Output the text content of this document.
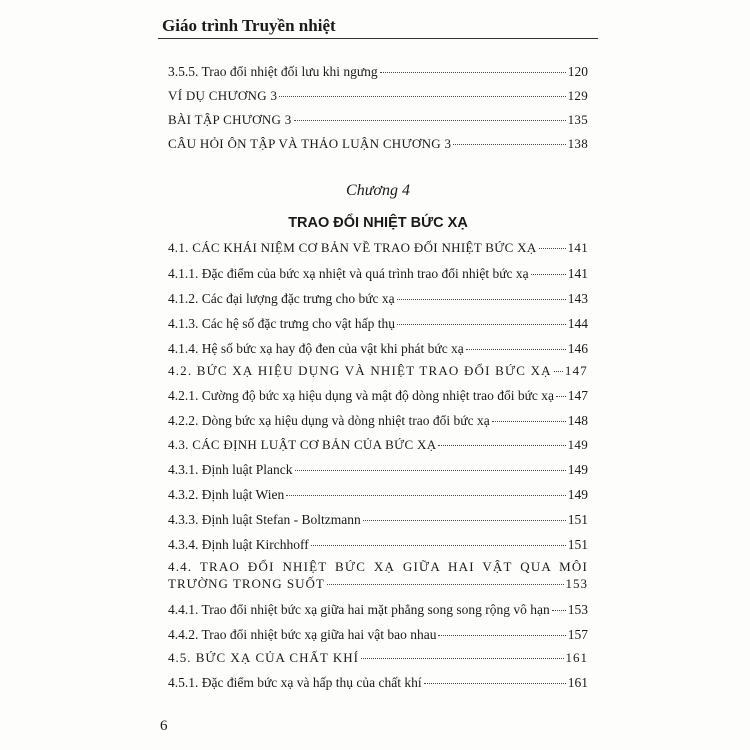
Giáo trình Truyền nhiệt
3.5.5. Trao đổi nhiệt đối lưu khi ngưng	120
VÍ DỤ CHƯƠNG 3	129
BÀI TẬP CHƯƠNG 3	135
CÂU HỎI ÔN TẬP VÀ THẢO LUẬN CHƯƠNG 3	138
Chương 4
TRAO ĐỔI NHIỆT BỨC XẠ
4.1. CÁC KHÁI NIỆM CƠ BẢN VỀ TRAO ĐỔI NHIỆT BỨC XẠ 141
4.1.1. Đặc điểm của bức xạ nhiệt và quá trình trao đổi nhiệt bức xạ	141
4.1.2. Các đại lượng đặc trưng cho bức xạ	143
4.1.3. Các hệ số đặc trưng cho vật hấp thụ	144
4.1.4. Hệ số bức xạ hay độ đen của vật khi phát bức xạ	146
4.2. BỨC XẠ HIỆU DỤNG VÀ NHIỆT TRAO ĐỔI BỨC XẠ 147
4.2.1. Cường độ bức xạ hiệu dụng và mật độ dòng nhiệt trao đổi bức xạ 147
4.2.2. Dòng bức xạ hiệu dụng và dòng nhiệt trao đổi bức xạ	148
4.3. CÁC ĐỊNH LUẬT CƠ BẢN CỦA BỨC XẠ	149
4.3.1. Định luật Planck	149
4.3.2. Định luật Wien	149
4.3.3. Định luật Stefan - Boltzmann	151
4.3.4. Định luật Kirchhoff	151
4.4. TRAO ĐỔI NHIỆT BỨC XẠ GIỮA HAI VẬT QUA MÔI
TRƯỜNG TRONG SUỐT	153
4.4.1. Trao đổi nhiệt bức xạ giữa hai mặt phẳng song song rộng vô hạn 153
4.4.2. Trao đổi nhiệt bức xạ giữa hai vật bao nhau	157
4.5. BỨC XẠ CỦA CHẤT KHÍ	161
4.5.1. Đặc điểm bức xạ và hấp thụ của chất khí	161
6
